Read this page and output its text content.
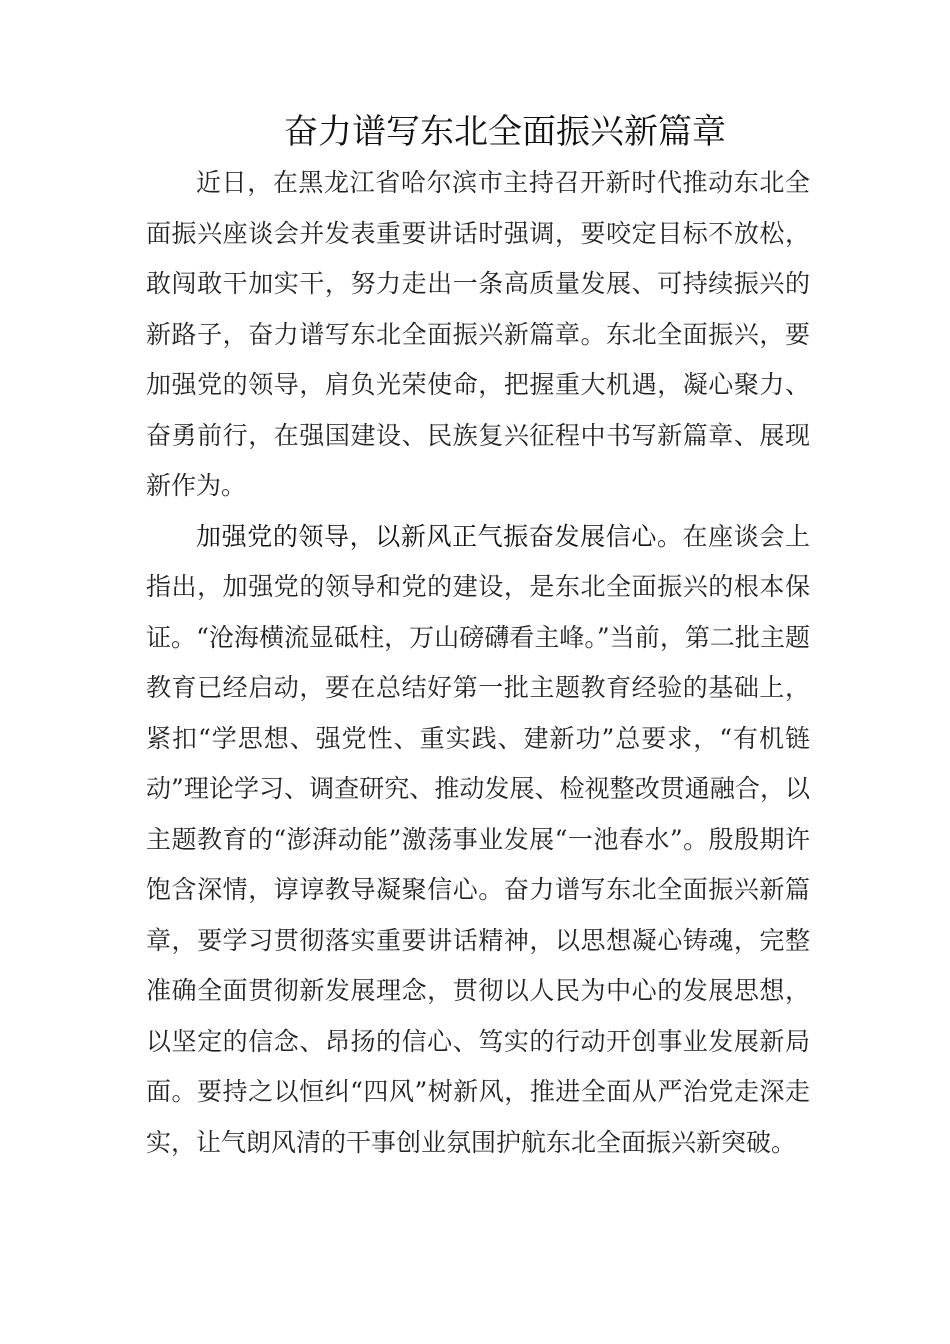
奋力谱写东北全面振兴新篇章

近日，在黑龙江省哈尔滨市主持召开新时代推动东北全面振兴座谈会并发表重要讲话时强调，要咬定目标不放松，敢闯敢干加实干，努力走出一条高质量发展、可持续振兴的新路子，奋力谱写东北全面振兴新篇章。东北全面振兴，要加强党的领导，肩负光荣使命，把握重大机遇，凝心聚力、奋勇前行，在强国建设、民族复兴征程中书写新篇章、展现新作为。

加强党的领导，以新风正气振奋发展信心。在座谈会上指出，加强党的领导和党的建设，是东北全面振兴的根本保证。“沧海横流显砥柱，万山磅礴看主峰。”当前，第二批主题教育已经启动，要在总结好第一批主题教育经验的基础上，紧扣“学思想、强党性、重实践、建新功”总要求，“有机链动”理论学习、调查研究、推动发展、检视整改贯通融合，以主题教育的“澎湃动能”激荡事业发展“一池春水”。殷殷期许饱含深情，谆谆教导凝聚信心。奋力谱写东北全面振兴新篇章，要学习贯彻落实重要讲话精神，以思想凝心铸魂，完整准确全面贯彻新发展理念，贯彻以人民为中心的发展思想，以坚定的信念、昂扬的信心、笃实的行动开创事业发展新局面。要持之以恒纠“四风”树新风，推进全面从严治党走深走实，让气朗风清的干事创业氛围护航东北全面振兴新突破。
